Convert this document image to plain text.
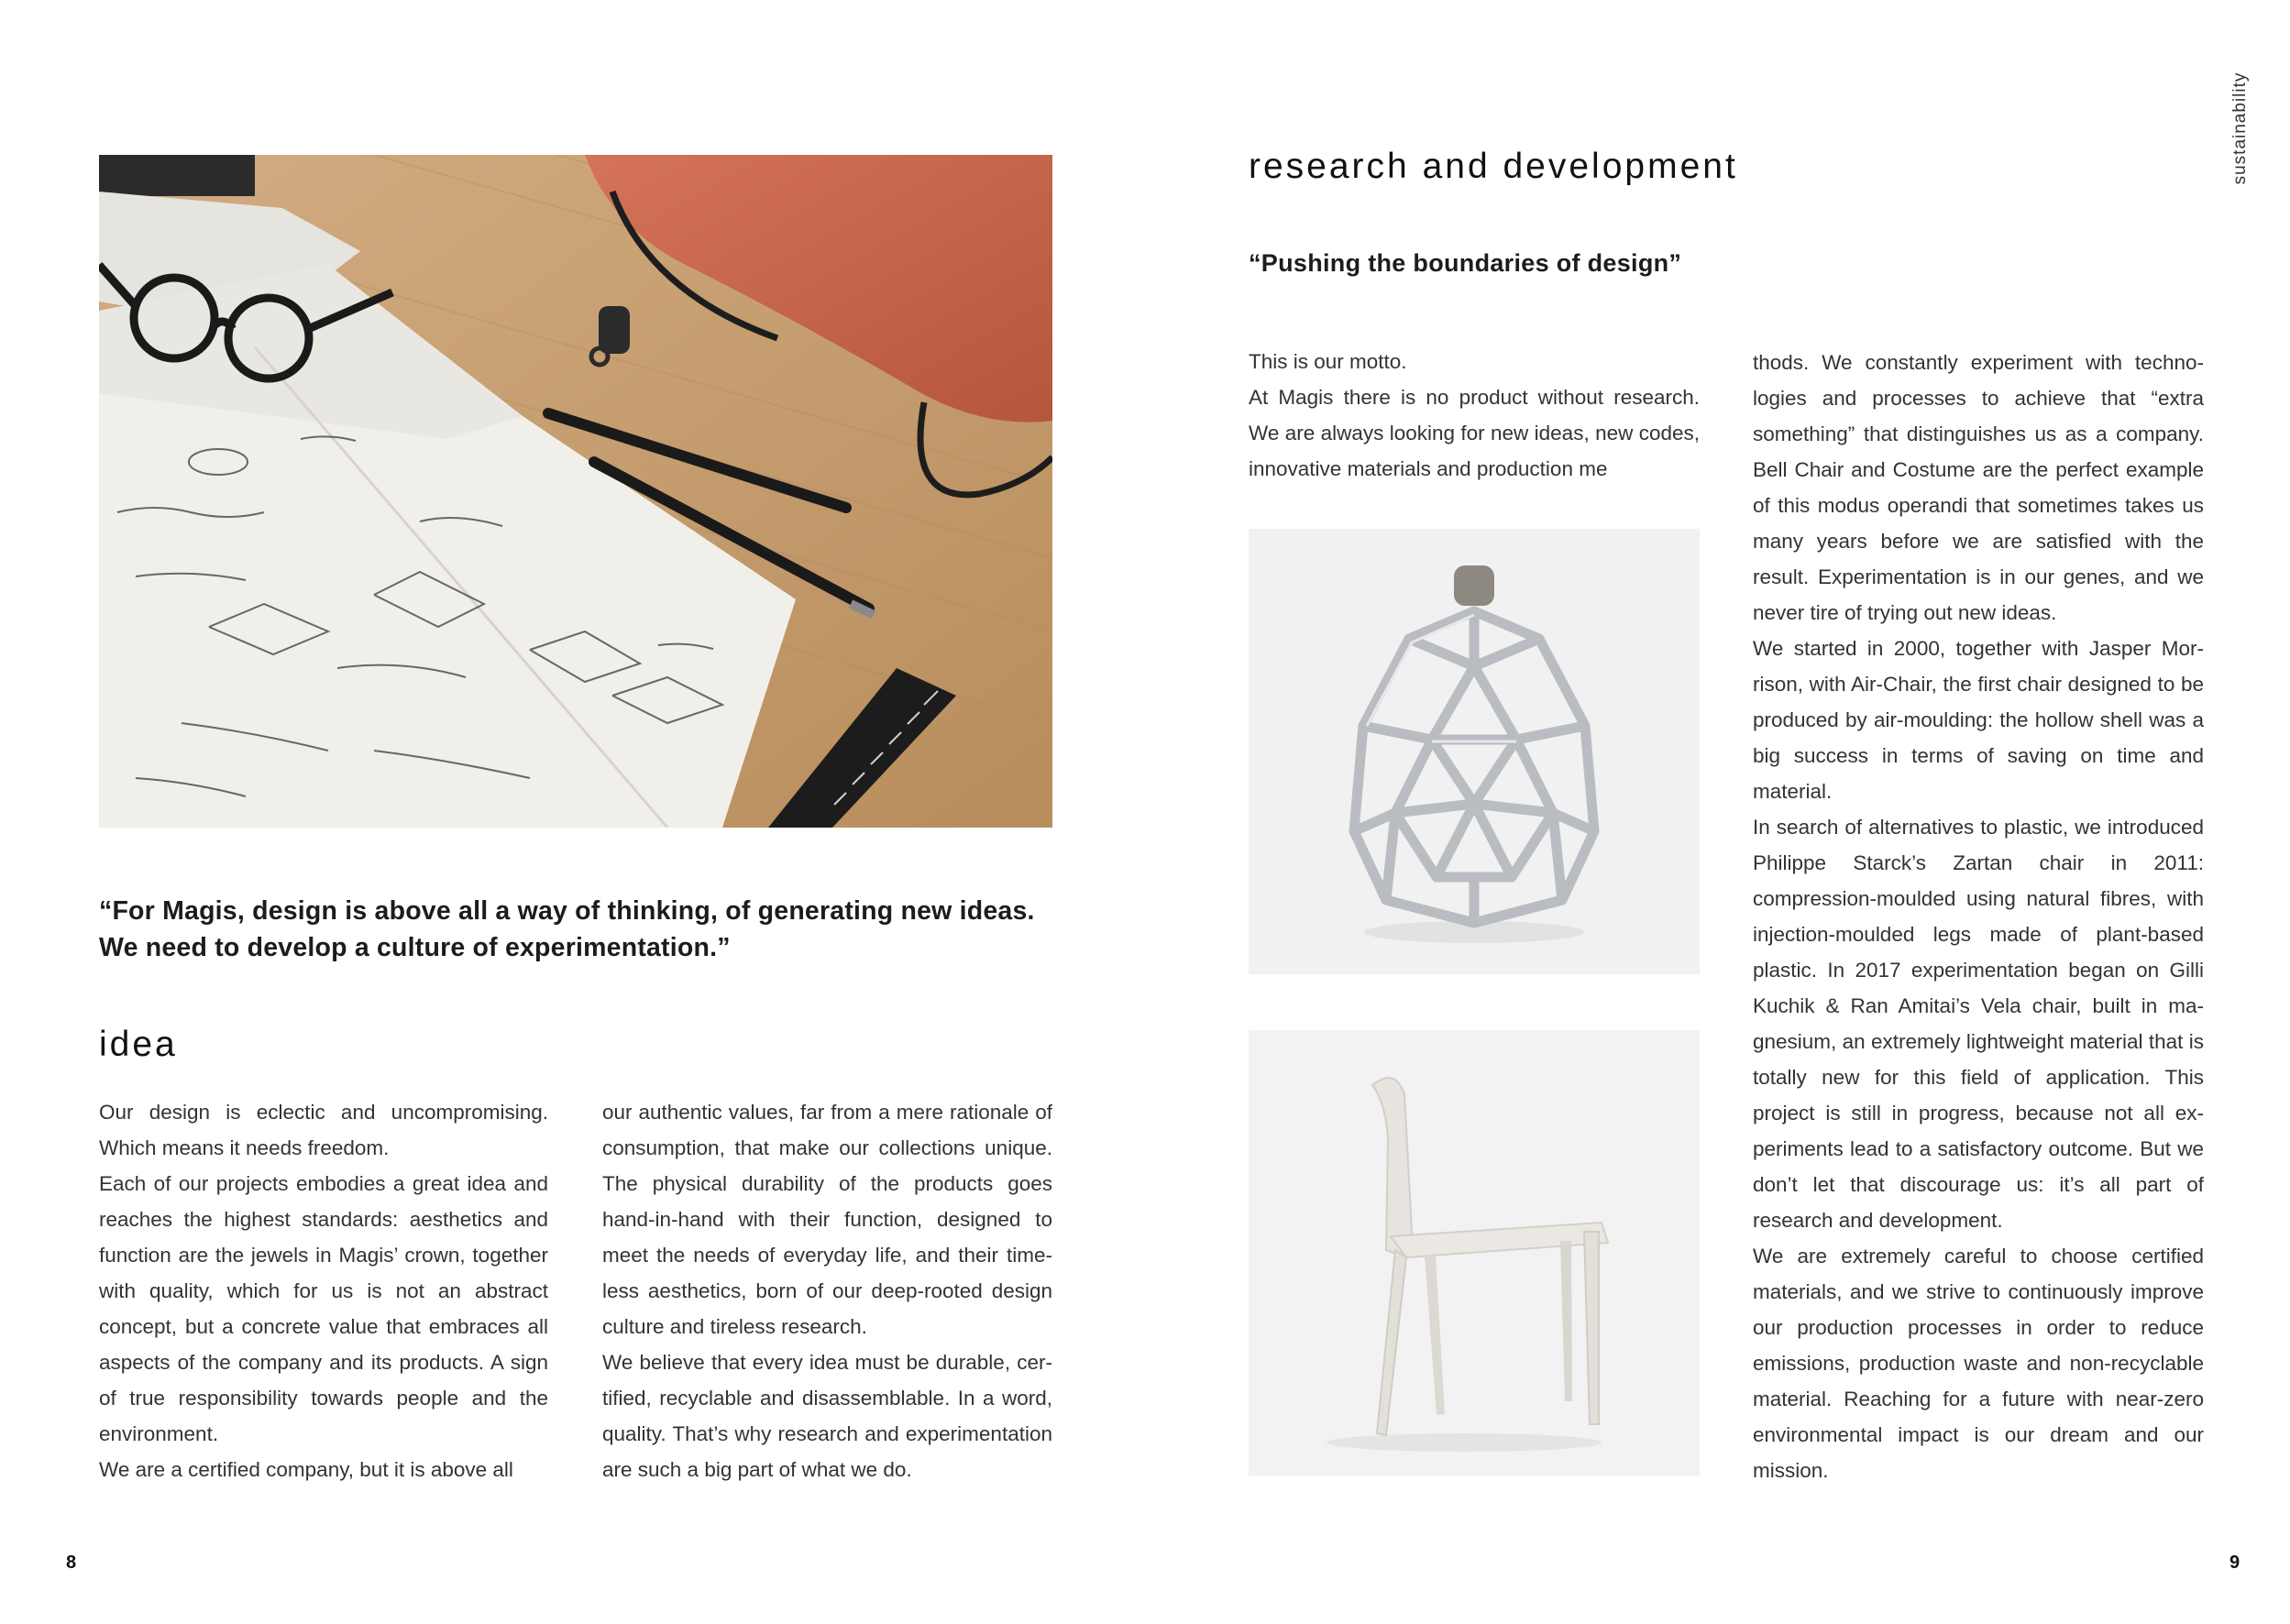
“For Magis, design is above all a way of thinking, of generating new ideas. We need to develop a culture of experimentation.”
idea

Our design is eclectic and uncompromising. Which means it needs freedom.

Each of our projects embodies a great idea and reaches the highest standards: aesthetics and function are the jewels in Magis’ crown, together with quality, which for us is not an abstract concept, but a concrete value that embraces all aspects of the company and its products. A sign of true responsibility towards people and the environment.

We are a certified company, but it is above all

our authentic values, far from a mere rationale of consumption, that make our collections unique. The physical durability of the products goes hand-in-hand with their function, designed to meet the needs of everyday life, and their timeless aesthetics, born of our deep-rooted design culture and tireless research.

We believe that every idea must be durable, certified, recyclable and disassemblable. In a word, quality. That’s why research and experimentation are such a big part of what we do.

8
research and development
“Pushing the boundaries of design”

This is our motto.

At Magis there is no product without research. We are always looking for new ideas, new codes, innovative materials and production me

thods. We constantly experiment with technologies and processes to achieve that “extra something” that distinguishes us as a company. Bell Chair and Costume are the perfect example of this modus operandi that sometimes takes us many years before we are satisfied with the result. Experimentation is in our genes, and we never tire of trying out new ideas.

We started in 2000, together with Jasper Morrison, with Air-Chair, the first chair designed to be produced by air-moulding: the hollow shell was a big success in terms of saving on time and material.

In search of alternatives to plastic, we introduced Philippe Starck’s Zartan chair in 2011: compression-moulded using natural fibres, with injection-moulded legs made of plant-based plastic. In 2017 experimentation began on Gilli Kuchik & Ran Amitai’s Vela chair, built in magnesium, an extremely lightweight material that is totally new for this field of application. This project is still in progress, because not all experiments lead to a satisfactory outcome. But we don’t let that discourage us: it’s all part of research and development.

We are extremely careful to choose certified materials, and we strive to continuously improve our production processes in order to reduce emissions, production waste and non-recyclable material. Reaching for a future with near-zero environmental impact is our dream and our mission.

sustainability
9
